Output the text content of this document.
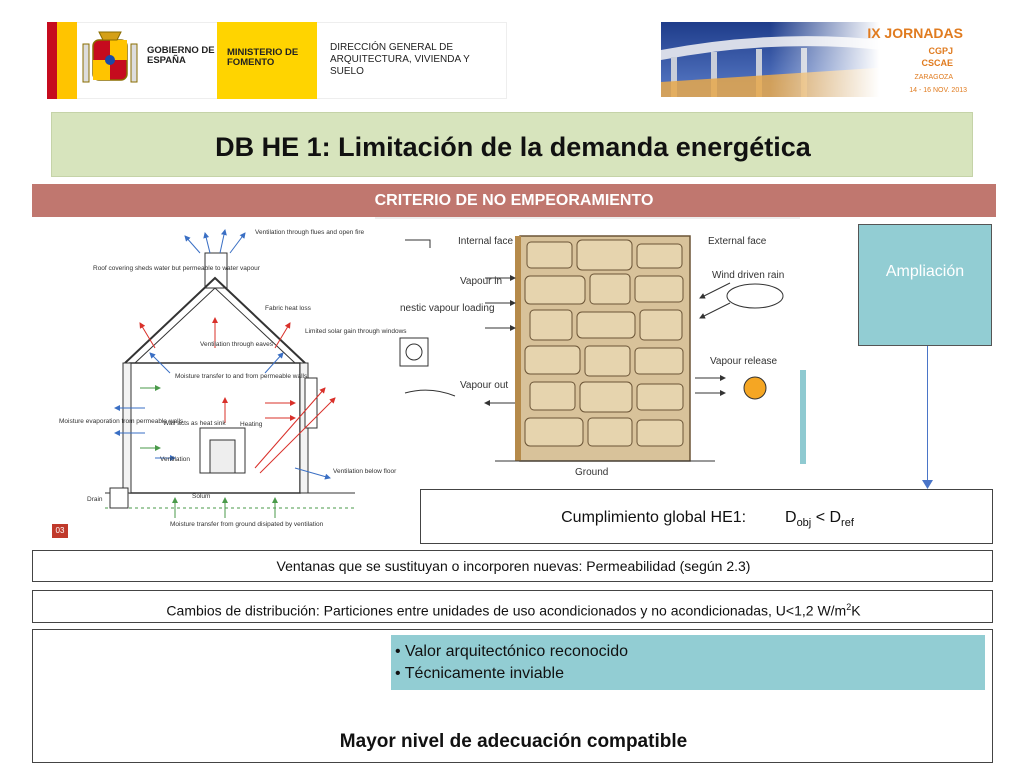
GOBIERNO DE ESPAÑA
MINISTERIO DE FOMENTO
DIRECCIÓN GENERAL DE ARQUITECTURA, VIVIENDA Y SUELO
IX JORNADAS
CGPJ
CSCAE
ZARAGOZA
14 - 16 NOV. 2013
DB HE 1: Limitación de la demanda energética
CRITERIO DE NO EMPEORAMIENTO
Ventilation through flues and open fire
Roof covering sheds water but permeable to water vapour
Fabric heat loss
Limited solar gain through windows
Ventilation through eaves
Moisture transfer to and from permeable walls
Moisture evaporation from permeable walls
Wall acts as heat sink Heating
Ventilation
Ventilation below floor
Drain	Solum
Moisture transfer from ground disipated by ventilation
03
Internal face	External face
Vapour in
nestic vapour loading
Wind driven rain
Vapour release
Vapour out
Ground
Ampliación
Cumplimiento global HE1: $D_{obj} < D_{ref}$
Ventanas que se sustituyan o incorporen nuevas: Permeabilidad (según 2.3)
Cambios de distribución: Particiones entre unidades de uso acondicionados y no acondicionadas, U<1,2 $W/m^2K$
Mayor nivel de adecuación compatible
• Valor arquitectónico reconocido
• Técnicamente inviable
